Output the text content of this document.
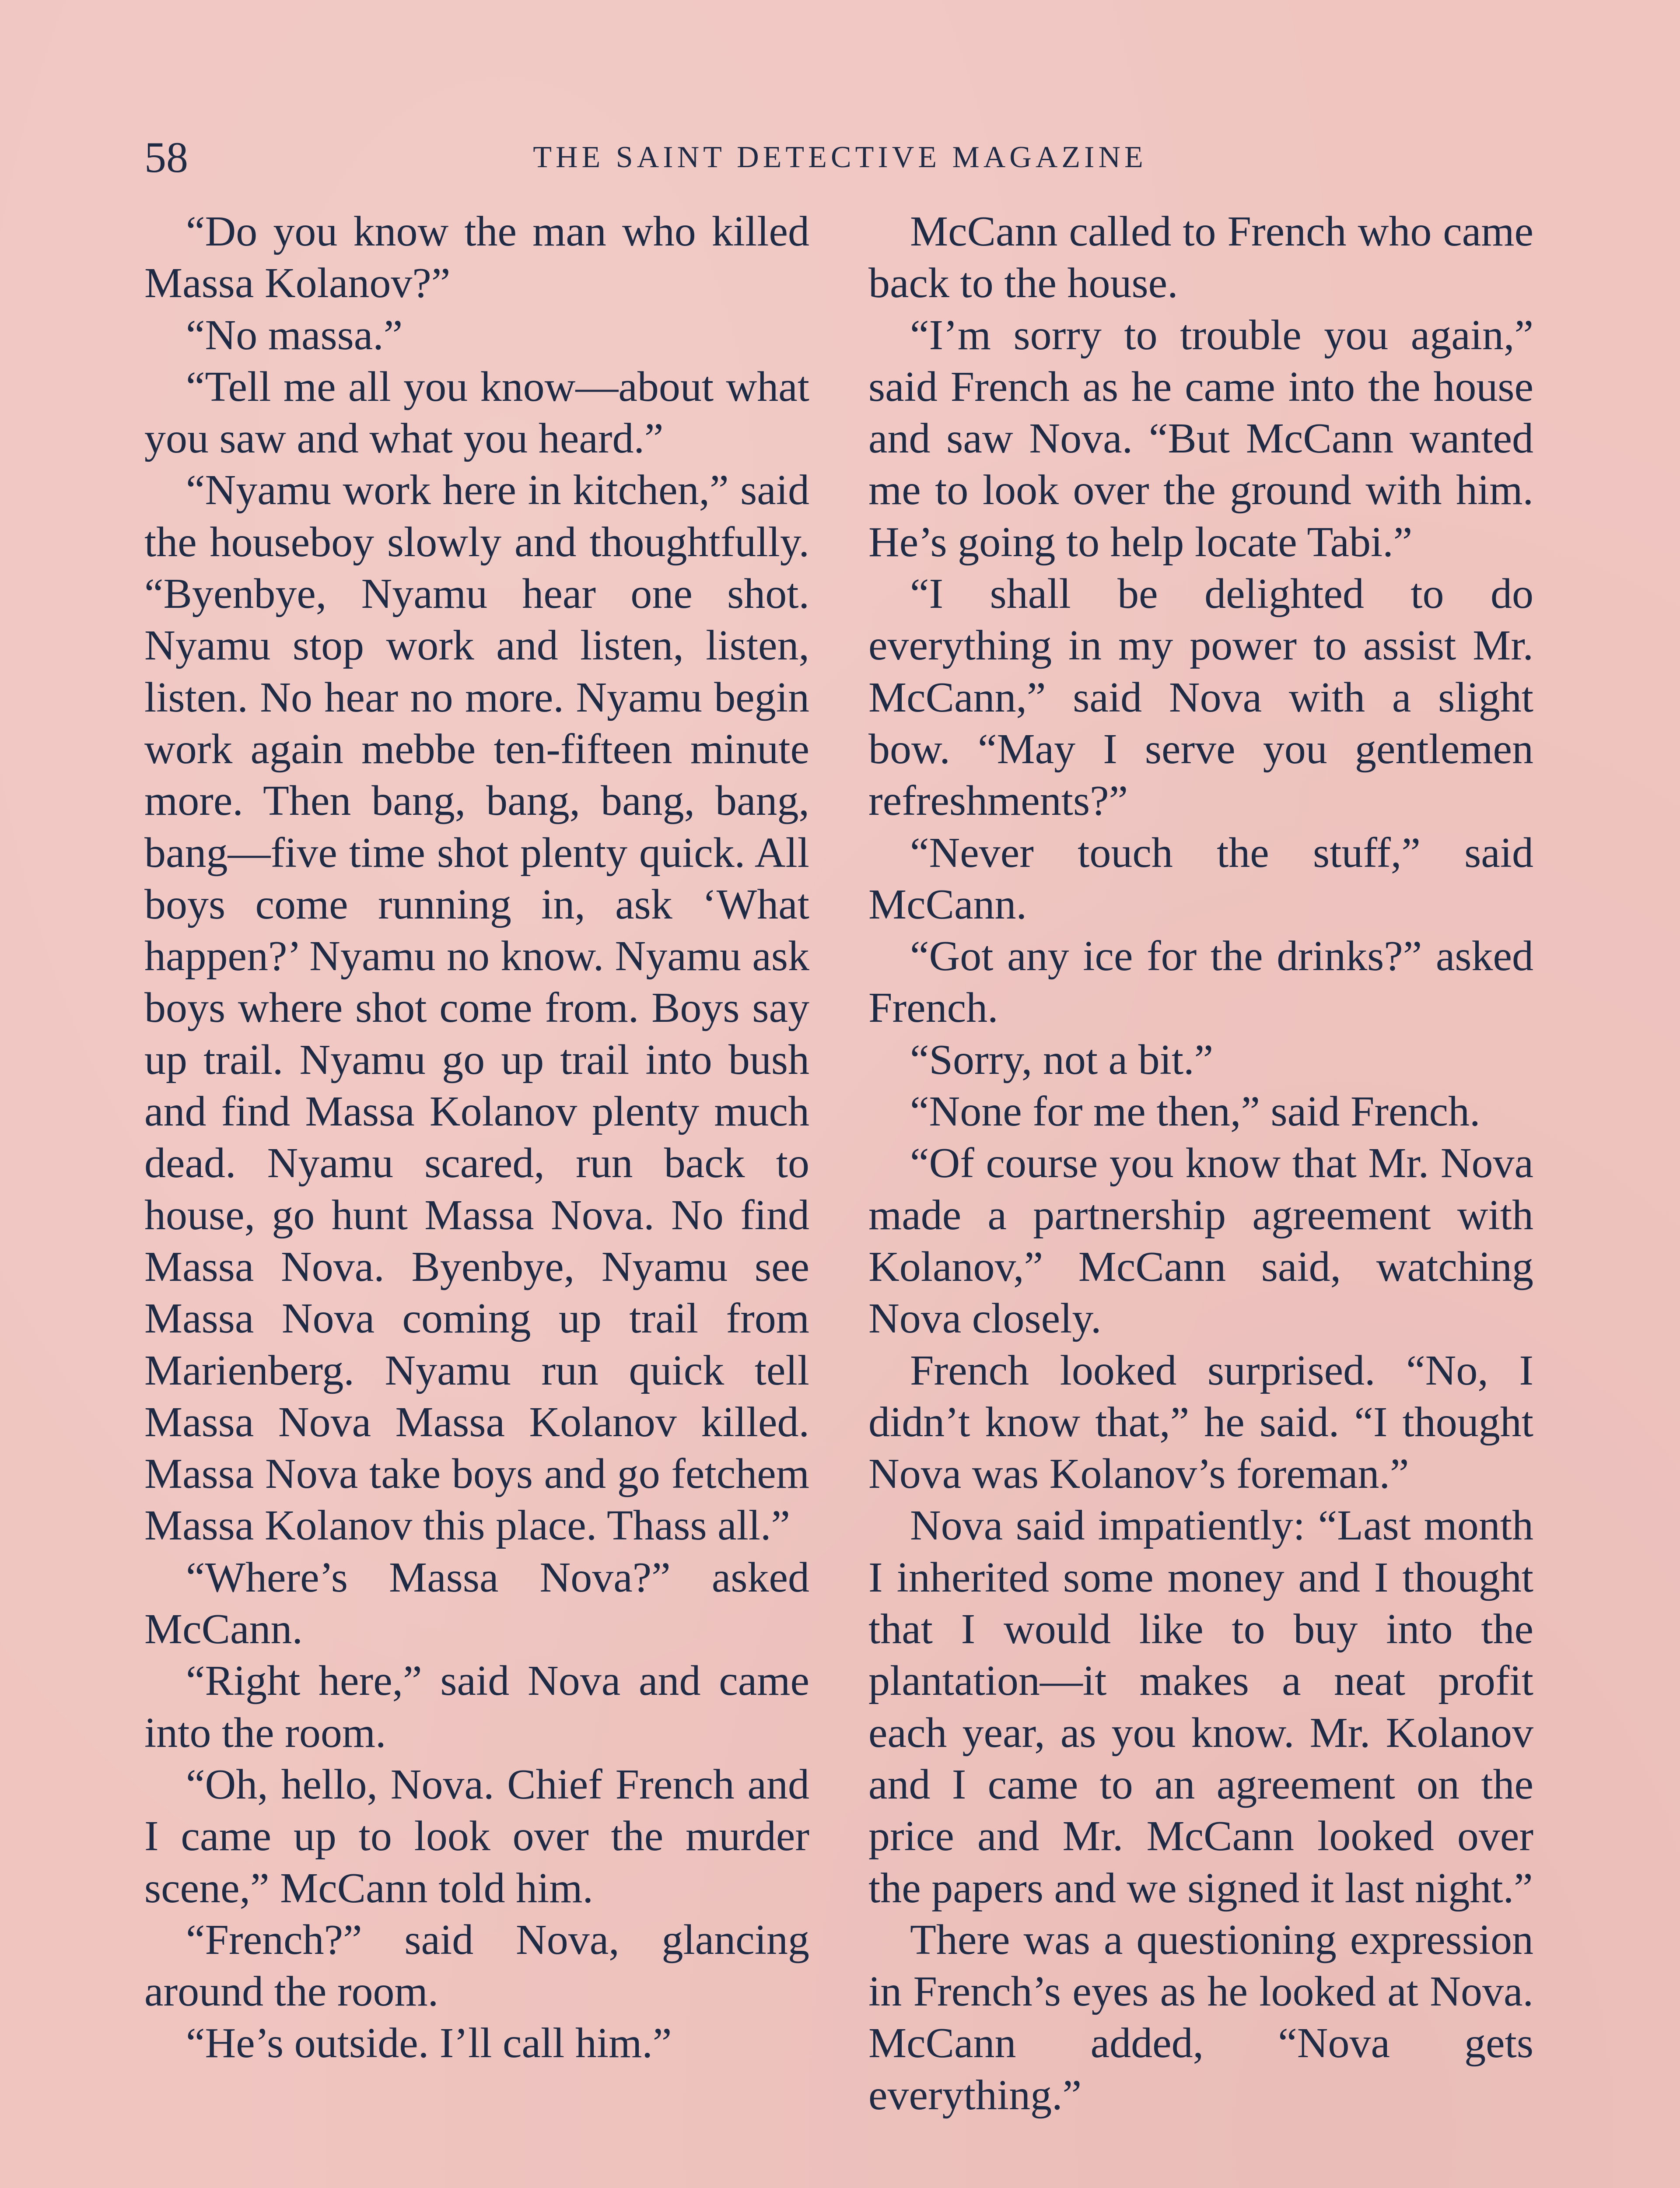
58	THE SAINT DETECTIVE MAGAZINE

“Do you know the man who killed Massa Kolanov?”

“No massa.”

“Tell me all you know—about what you saw and what you heard.”

“Nyamu work here in kitchen,” said the houseboy slowly and thoughtfully. “Byenbye, Nyamu hear one shot. Nyamu stop work and listen, listen, listen. No hear no more. Nyamu begin work again mebbe ten-fifteen minute more. Then bang, bang, bang, bang, bang—five time shot plenty quick. All boys come running in, ask ‘What happen?’ Nyamu no know. Nyamu ask boys where shot come from. Boys say up trail. Nyamu go up trail into bush and find Massa Kolanov plenty much dead. Nyamu scared, run back to house, go hunt Massa Nova. No find Massa Nova. Byenbye, Nyamu see Massa Nova coming up trail from Marienberg. Nyamu run quick tell Massa Nova Massa Kolanov killed. Massa Nova take boys and go fetchem Massa Kolanov this place. Thass all.”

“Where’s Massa Nova?” asked McCann.

“Right here,” said Nova and came into the room.

“Oh, hello, Nova. Chief French and I came up to look over the murder scene,” McCann told him.

“French?” said Nova, glancing around the room.

“He’s outside. I’ll call him.”

McCann called to French who came back to the house.

“I’m sorry to trouble you again,” said French as he came into the house and saw Nova. “But McCann wanted me to look over the ground with him. He’s going to help locate Tabi.”

“I shall be delighted to do everything in my power to assist Mr. McCann,” said Nova with a slight bow. “May I serve you gentlemen refreshments?”

“Never touch the stuff,” said McCann.

“Got any ice for the drinks?” asked French.

“Sorry, not a bit.”

“None for me then,” said French.

“Of course you know that Mr. Nova made a partnership agreement with Kolanov,” McCann said, watching Nova closely.

French looked surprised. “No, I didn’t know that,” he said. “I thought Nova was Kolanov’s foreman.”

Nova said impatiently: “Last month I inherited some money and I thought that I would like to buy into the plantation—it makes a neat profit each year, as you know. Mr. Kolanov and I came to an agreement on the price and Mr. McCann looked over the papers and we signed it last night.”

There was a questioning expression in French’s eyes as he looked at Nova. McCann added, “Nova gets everything.”
